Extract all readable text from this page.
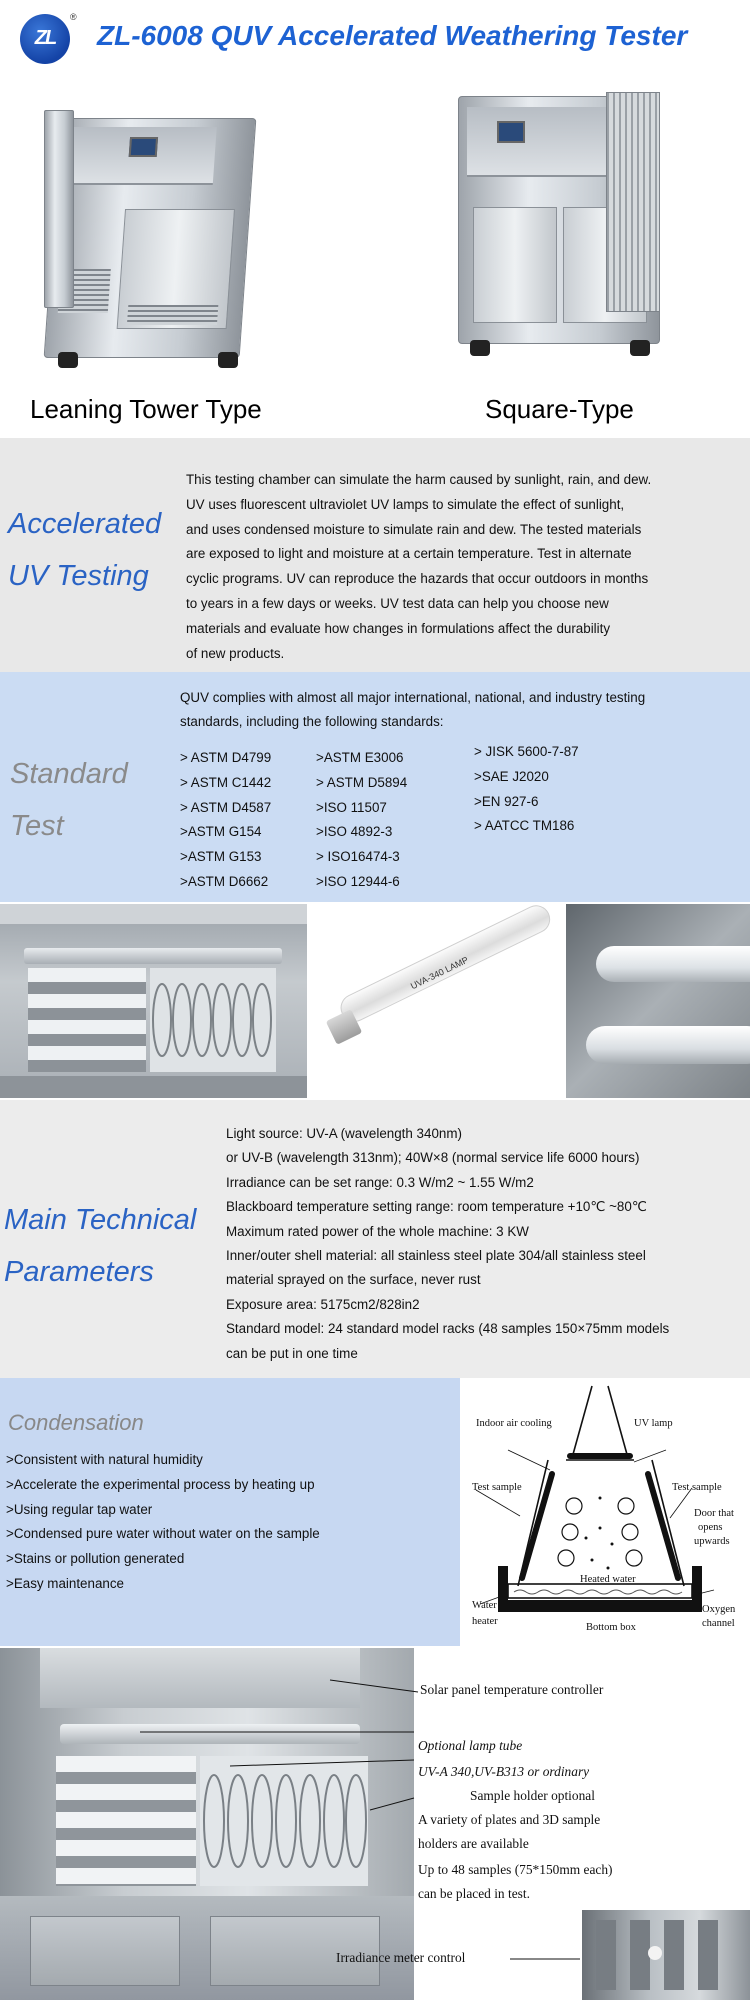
ZL
®
ZL-6008 QUV Accelerated Weathering Tester
Leaning Tower Type	Square-Type
Accelerated
UV Testing
This testing chamber can simulate the harm caused by sunlight, rain, and dew.
UV uses fluorescent ultraviolet UV lamps to simulate the effect of sunlight,
and uses condensed moisture to simulate rain and dew. The tested materials
are exposed to light and moisture at a certain temperature. Test in alternate
cyclic programs. UV can reproduce the hazards that occur outdoors in months
to years in a few days or weeks. UV test data can help you choose new
materials and evaluate how changes in formulations affect the durability
of new products.
Standard
Test
QUV complies with almost all major international, national, and industry testing
standards, including the following standards:
> ASTM D4799
> ASTM C1442
> ASTM D4587
>ASTM G154
>ASTM G153
>ASTM D6662
>ASTM E3006
> ASTM D5894
>ISO 11507
>ISO 4892-3
> ISO16474-3
>ISO 12944-6
> JISK 5600-7-87
>SAE J2020
>EN 927-6
> AATCC TM186
UVA-340 LAMP
Main Technical
Parameters
Light source: UV-A (wavelength 340nm)
or UV-B (wavelength 313nm); 40W×8 (normal service life 6000 hours)
Irradiance can be set range: 0.3 W/m2 ~ 1.55 W/m2
Blackboard temperature setting range: room temperature +10℃ ~80℃
Maximum rated power of the whole machine: 3 KW
Inner/outer shell material: all stainless steel plate 304/all stainless steel
material sprayed on the surface, never rust
Exposure area: 5175cm2/828in2
Standard model: 24 standard model racks (48 samples 150×75mm models
can be put in one time
Condensation
>Consistent with natural humidity
>Accelerate the experimental process by heating up
>Using regular tap water
>Condensed pure water without water on the sample
>Stains or pollution generated
>Easy maintenance
Indoor air cooling	UV lamp
Test sample	Test sample
Door that
opens
upwards
Heated water
Water
heater
Oxygen
channel
Bottom box
Solar panel temperature controller
Optional lamp tube
UV-A 340,UV-B313 or ordinary
Sample holder optional
A variety of plates and 3D sample
holders are available
Up to 48 samples (75*150mm each)
can be placed in test.
Irradiance meter control
